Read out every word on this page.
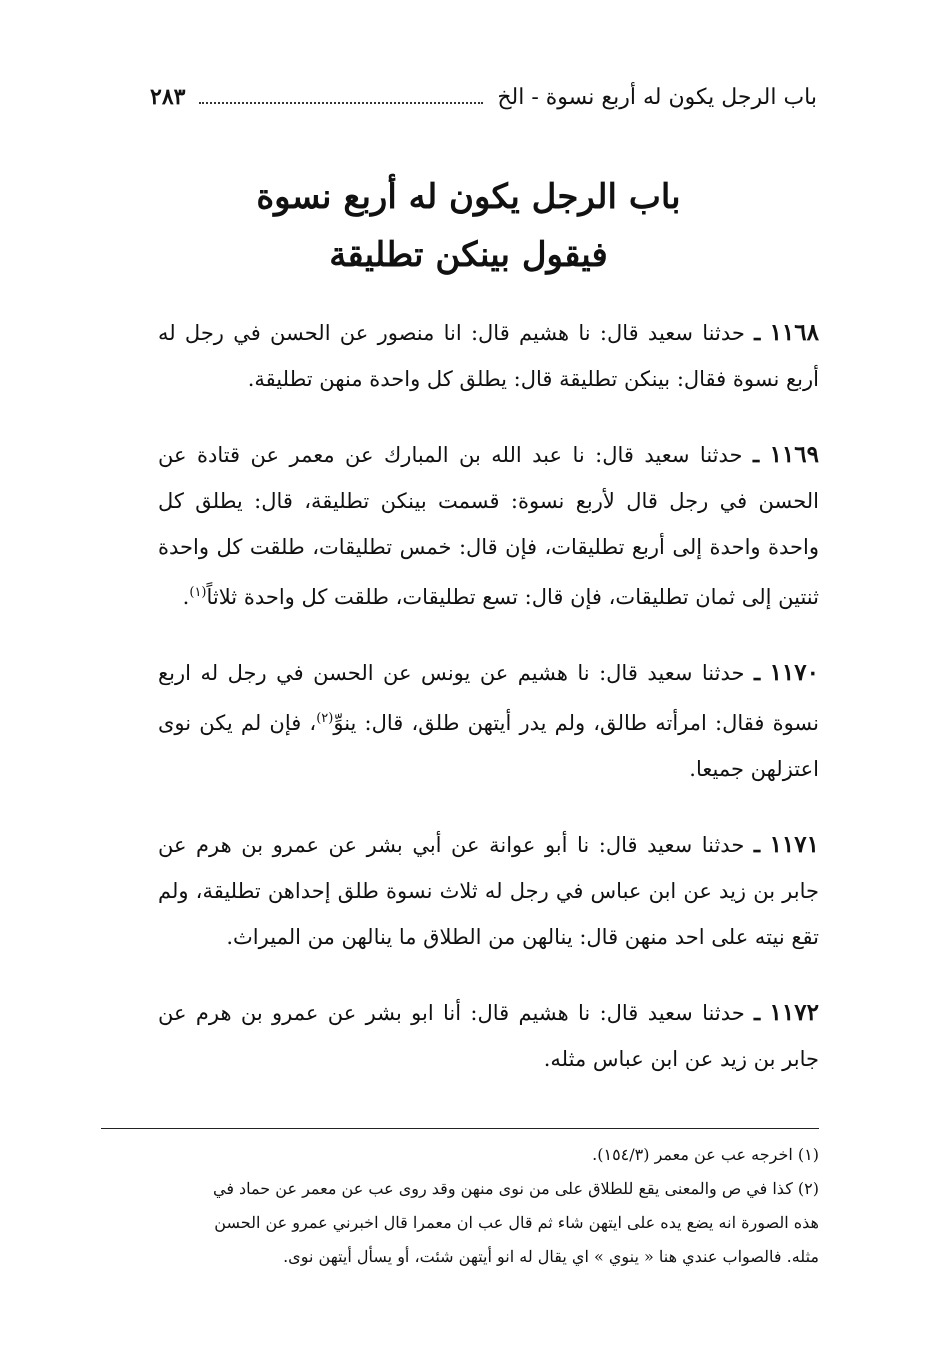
باب الرجل يكون له أربع نسوة - الخ
٢٨٣
باب الرجل يكون له أربع نسوة
فيقول بينكن تطليقة

١١٦٨ ـ حدثنا سعيد قال: نا هشيم قال: انا منصور عن الحسن في رجل له أربع نسوة فقال: بينكن تطليقة قال: يطلق كل واحدة منهن تطليقة.

١١٦٩ ـ حدثنا سعيد قال: نا عبد الله بن المبارك عن معمر عن قتادة عن الحسن في رجل قال لأربع نسوة: قسمت بينكن تطليقة، قال: يطلق كل واحدة واحدة إلى أربع تطليقات، فإن قال: خمس تطليقات، طلقت كل واحدة ثنتين إلى ثمان تطليقات، فإن قال: تسع تطليقات، طلقت كل واحدة ثلاثاً$^{(١)}$.

١١٧٠ ـ حدثنا سعيد قال: نا هشيم عن يونس عن الحسن في رجل له اربع نسوة فقال: امرأته طالق، ولم يدر أيتهن طلق، قال: ينوِّ$^{(٢)}$، فإن لم يكن نوى اعتزلهن جميعا.

١١٧١ ـ حدثنا سعيد قال: نا أبو عوانة عن أبي بشر عن عمرو بن هرم عن جابر بن زيد عن ابن عباس في رجل له ثلاث نسوة طلق إحداهن تطليقة، ولم تقع نيته على احد منهن قال: ينالهن من الطلاق ما ينالهن من الميراث.

١١٧٢ ـ حدثنا سعيد قال: نا هشيم قال: أنا ابو بشر عن عمرو بن هرم عن جابر بن زيد عن ابن عباس مثله.

(١) اخرجه عب عن معمر (١٥٤/٣).
(٢) كذا في ص والمعنى يقع للطلاق على من نوى منهن وقد روى عب عن معمر عن حماد في
هذه الصورة انه يضع يده على ايتهن شاء ثم قال عب ان معمرا قال اخبرني عمرو عن الحسن
مثله. فالصواب عندي هنا « ينوي » اي يقال له انو أيتهن شئت، أو يسأل أيتهن نوى.
